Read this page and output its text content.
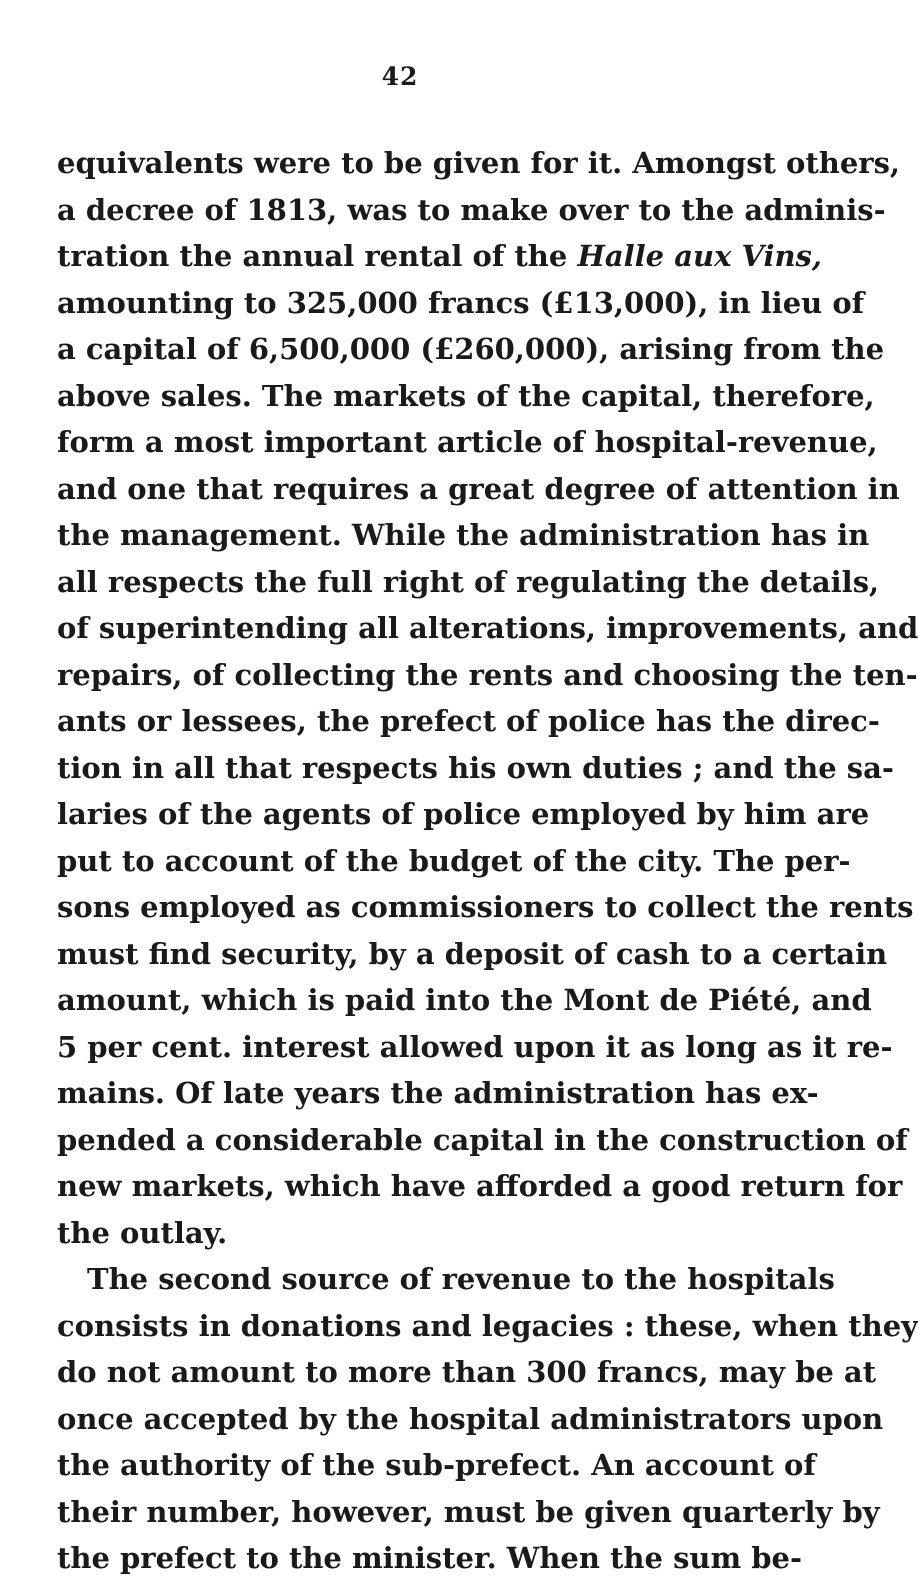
42
equivalents were to be given for it. Amongst others,
a decree of 1813, was to make over to the adminis-
tration the annual rental of the Halle aux Vins,
amounting to 325,000 francs (£13,000), in lieu of
a capital of 6,500,000 (£260,000), arising from the
above sales. The markets of the capital, therefore,
form a most important article of hospital-revenue,
and one that requires a great degree of attention in
the management. While the administration has in
all respects the full right of regulating the details,
of superintending all alterations, improvements, and
repairs, of collecting the rents and choosing the ten-
ants or lessees, the prefect of police has the direc-
tion in all that respects his own duties ; and the sa-
laries of the agents of police employed by him are
put to account of the budget of the city. The per-
sons employed as commissioners to collect the rents
must find security, by a deposit of cash to a certain
amount, which is paid into the Mont de Piété, and
5 per cent. interest allowed upon it as long as it re-
mains. Of late years the administration has ex-
pended a considerable capital in the construction of
new markets, which have afforded a good return for
the outlay.
The second source of revenue to the hospitals
consists in donations and legacies : these, when they
do not amount to more than 300 francs, may be at
once accepted by the hospital administrators upon
the authority of the sub-prefect. An account of
their number, however, must be given quarterly by
the prefect to the minister. When the sum be-
